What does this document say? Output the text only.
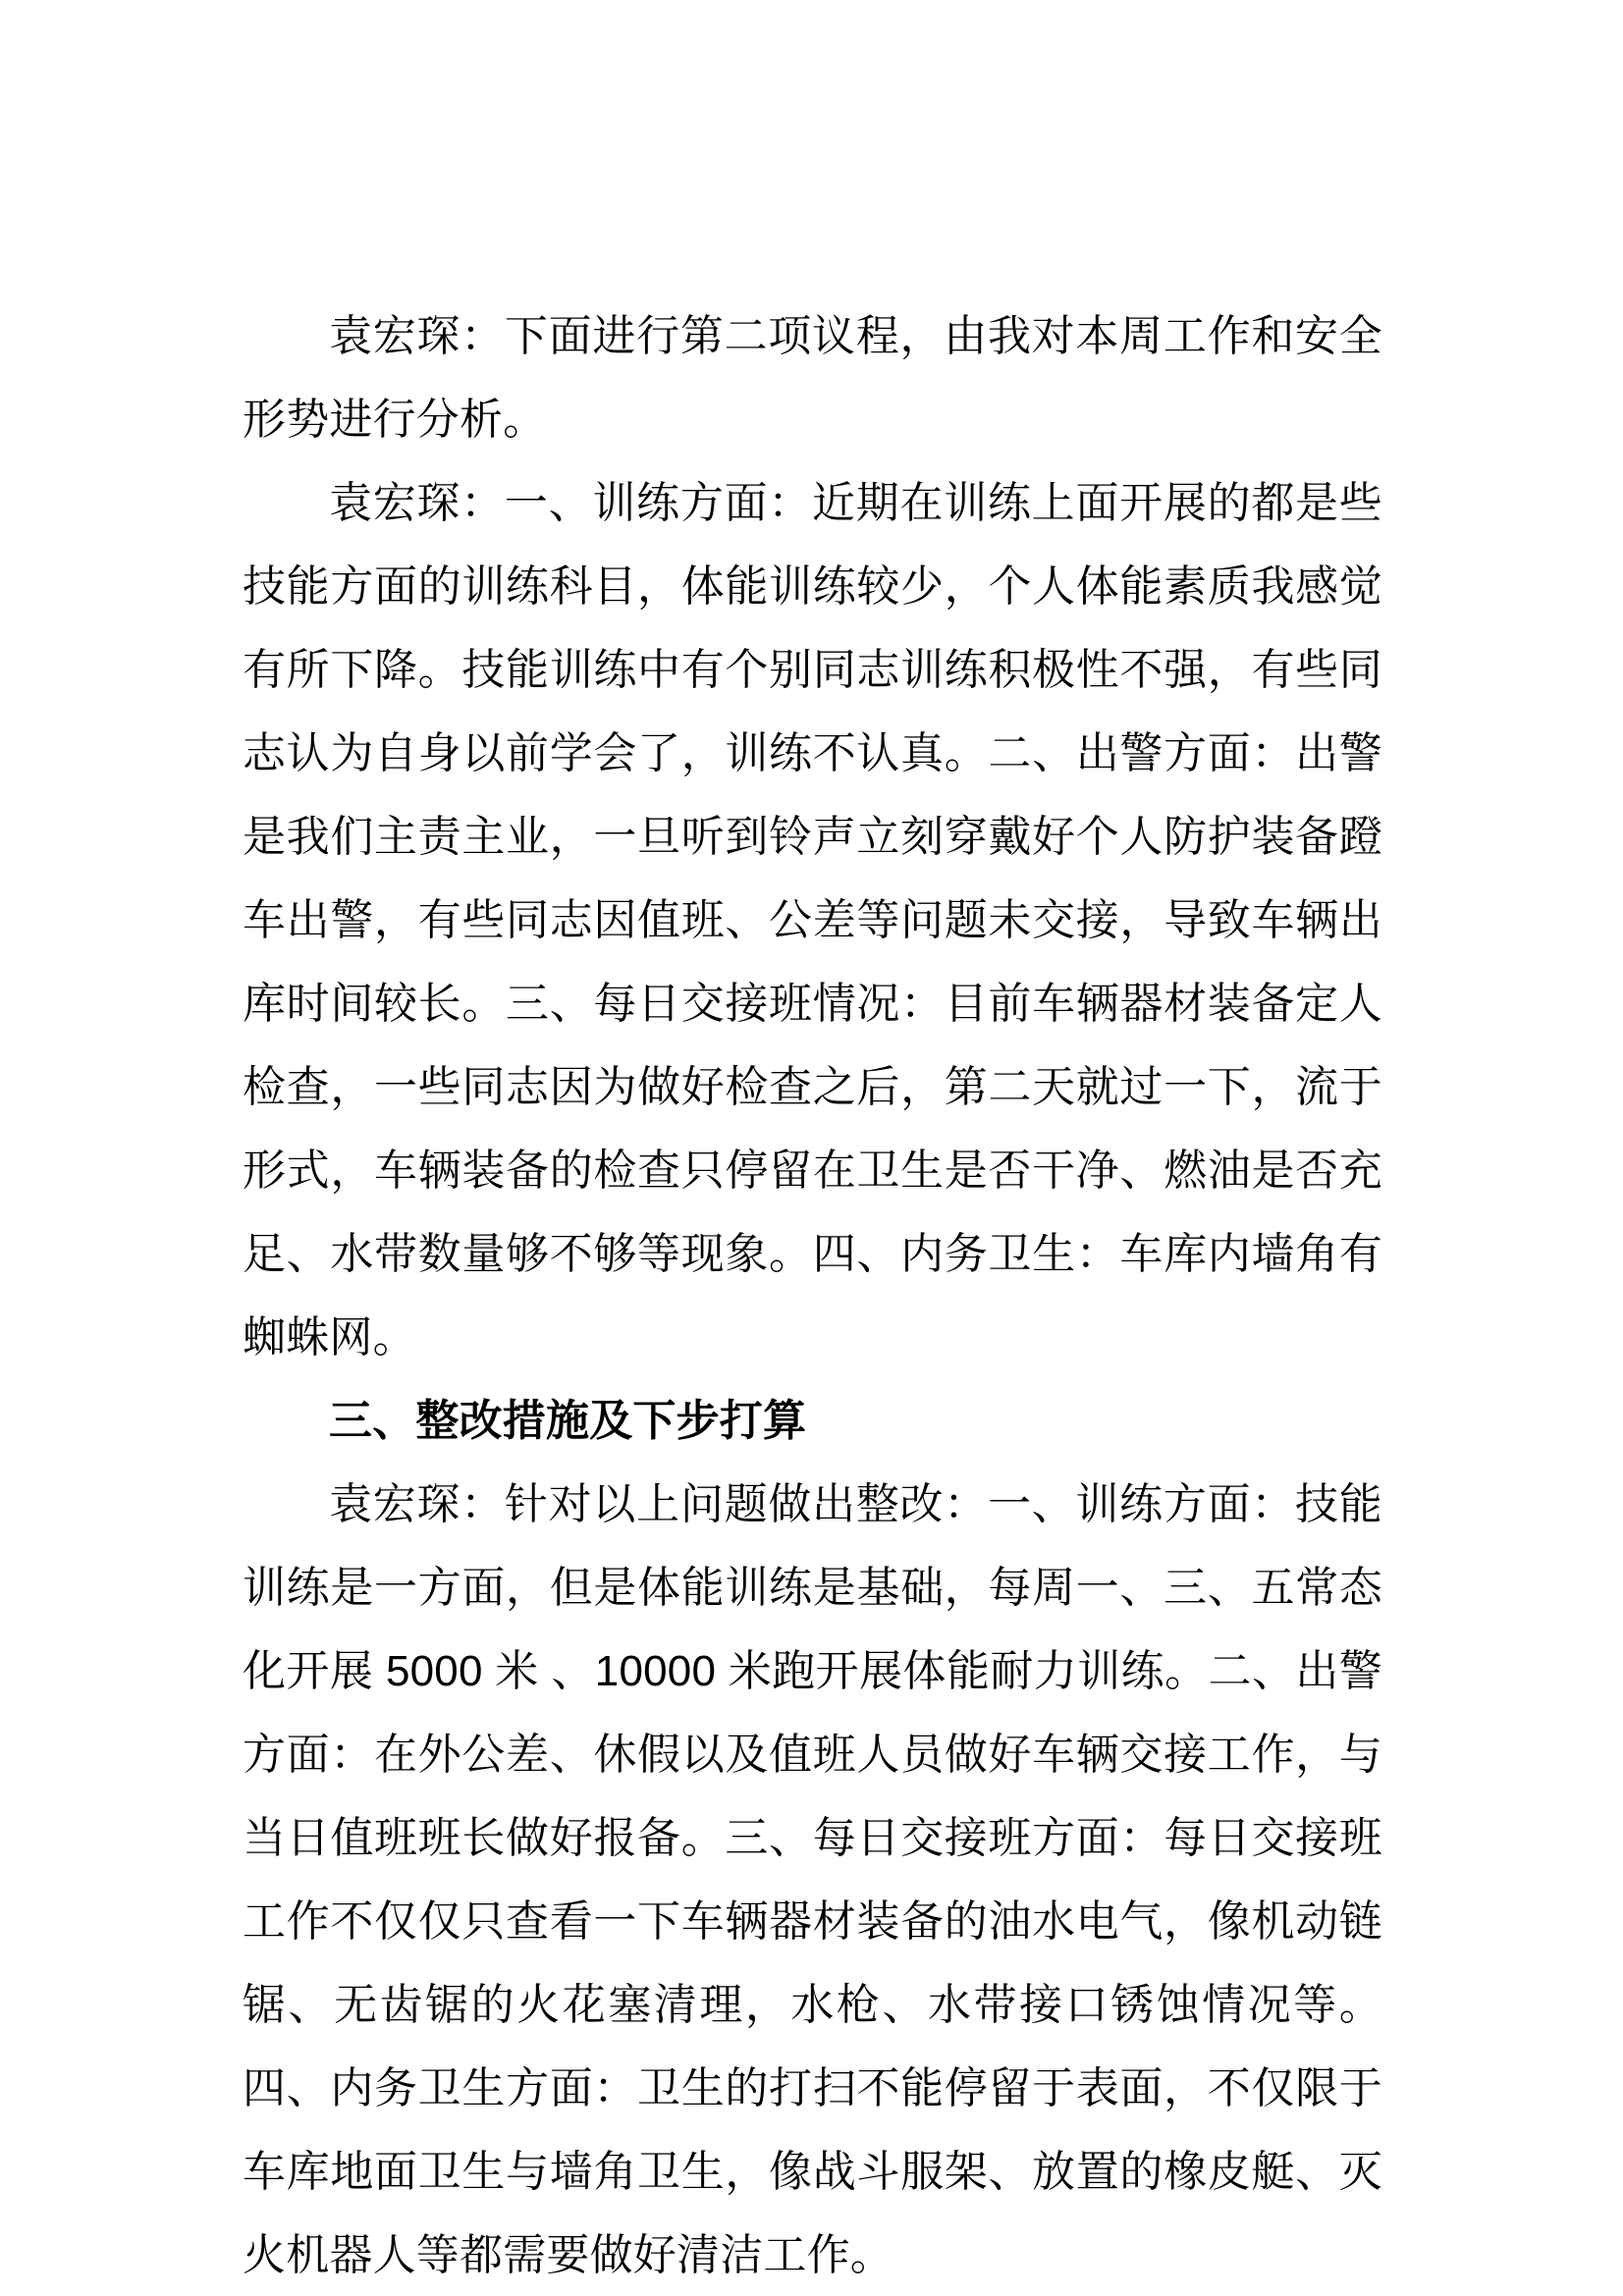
袁宏琛：下面进行第二项议程，由我对本周工作和安全形势进行分析。

袁宏琛：一、训练方面：近期在训练上面开展的都是些技能方面的训练科目，体能训练较少，个人体能素质我感觉有所下降。技能训练中有个别同志训练积极性不强，有些同志认为自身以前学会了，训练不认真。二、出警方面：出警是我们主责主业，一旦听到铃声立刻穿戴好个人防护装备蹬车出警，有些同志因值班、公差等问题未交接，导致车辆出库时间较长。三、每日交接班情况：目前车辆器材装备定人检查，一些同志因为做好检查之后，第二天就过一下，流于形式，车辆装备的检查只停留在卫生是否干净、燃油是否充足、水带数量够不够等现象。四、内务卫生：车库内墙角有蜘蛛网。

三、整改措施及下步打算

袁宏琛：针对以上问题做出整改：一、训练方面：技能训练是一方面，但是体能训练是基础，每周一、三、五常态化开展 5000 米 、10000 米跑开展体能耐力训练。二、出警方面：在外公差、休假以及值班人员做好车辆交接工作，与当日值班班长做好报备。三、每日交接班方面：每日交接班工作不仅仅只查看一下车辆器材装备的油水电气，像机动链锯、无齿锯的火花塞清理，水枪、水带接口锈蚀情况等。四、内务卫生方面：卫生的打扫不能停留于表面，不仅限于车库地面卫生与墙角卫生，像战斗服架、放置的橡皮艇、灭火机器人等都需要做好清洁工作。
